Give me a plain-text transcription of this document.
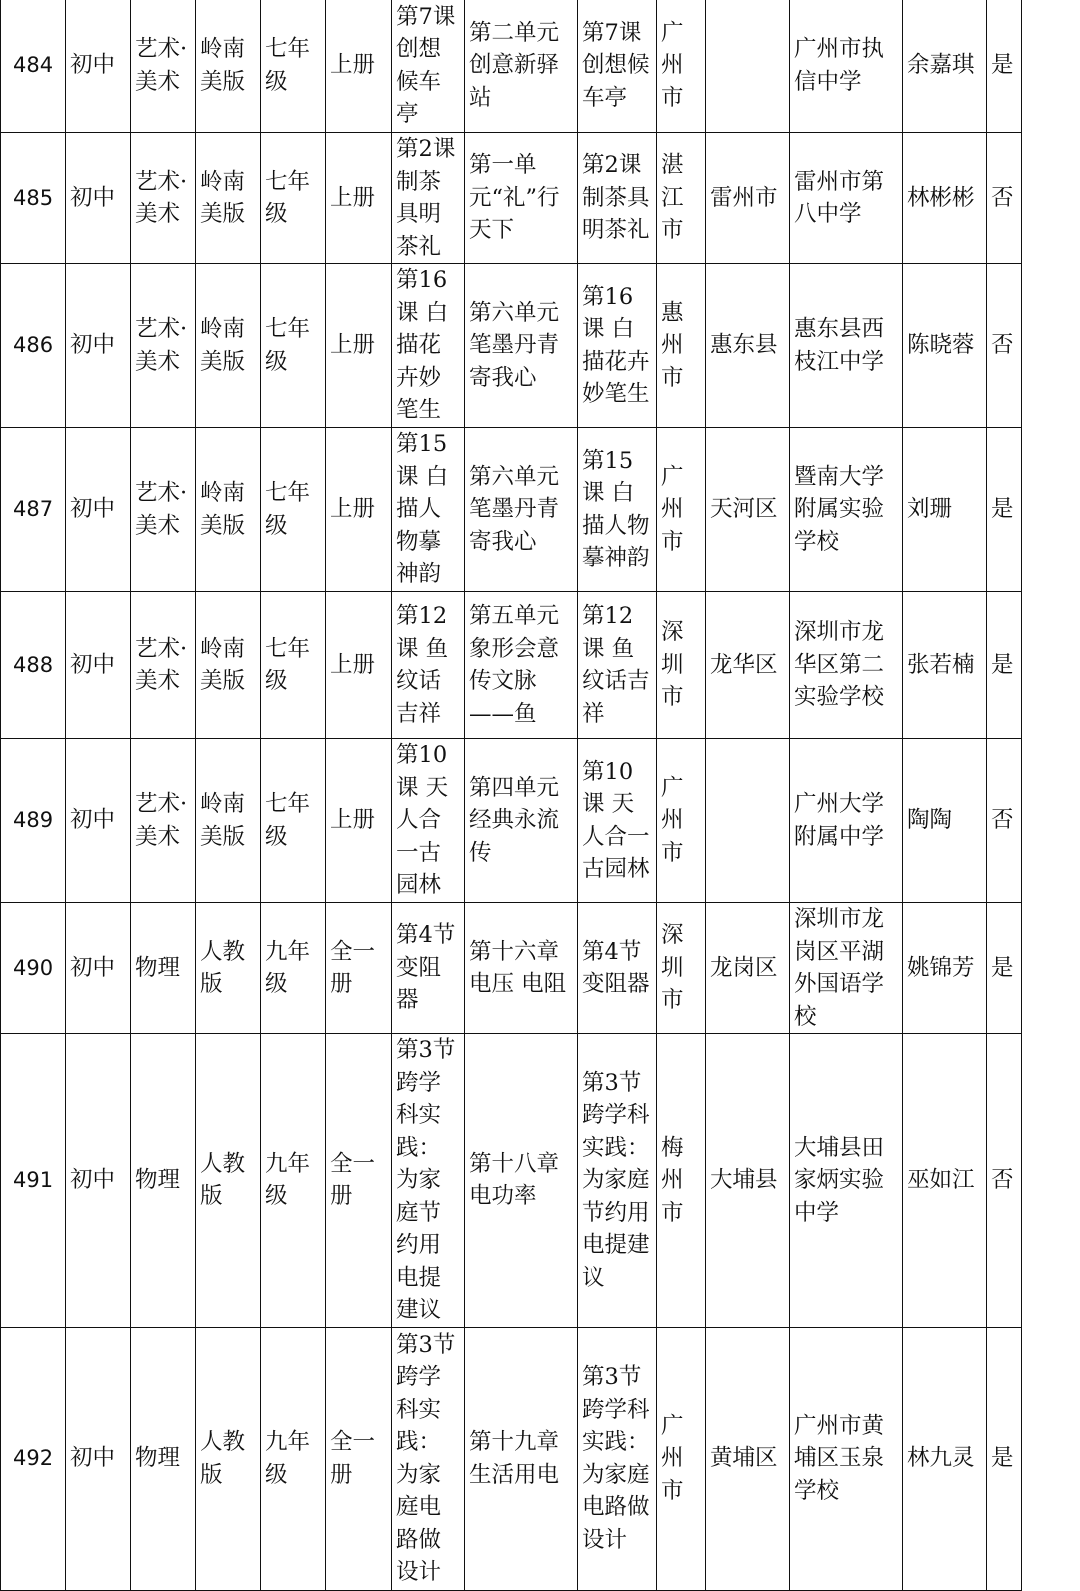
484	初中	艺术·美术	岭南美版	七年级	上册	第7课创想候车亭	第二单元创意新驿站	第7课创想候车亭	广州市		广州市执信中学	余嘉琪	是
485	初中	艺术·美术	岭南美版	七年级	上册	第2课制茶具明茶礼	第一单元“礼”行天下	第2课制茶具明茶礼	湛江市	雷州市	雷州市第八中学	林彬彬	否
486	初中	艺术·美术	岭南美版	七年级	上册	第16课 白描花卉妙笔生	第六单元笔墨丹青寄我心	第16课 白描花卉妙笔生	惠州市	惠东县	惠东县西枝江中学	陈晓蓉	否
487	初中	艺术·美术	岭南美版	七年级	上册	第15课 白描人物摹神韵	第六单元笔墨丹青寄我心	第15课 白描人物摹神韵	广州市	天河区	暨南大学附属实验学校	刘珊	是
488	初中	艺术·美术	岭南美版	七年级	上册	第12课 鱼纹话吉祥	第五单元象形会意传文脉——鱼	第12课 鱼纹话吉祥	深圳市	龙华区	深圳市龙华区第二实验学校	张若楠	是
489	初中	艺术·美术	岭南美版	七年级	上册	第10课 天人合一古园林	第四单元经典永流传	第10课 天人合一古园林	广州市		广州大学附属中学	陶陶	否
490	初中	物理	人教版	九年级	全一册	第4节变阻器	第十六章电压 电阻	第4节变阻器	深圳市	龙岗区	深圳市龙岗区平湖外国语学校	姚锦芳	是
491	初中	物理	人教版	九年级	全一册	第3节跨学科实践：为家庭节约用电提建议	第十八章电功率	第3节跨学科实践：为家庭节约用电提建议	梅州市	大埔县	大埔县田家炳实验中学	巫如江	否
492	初中	物理	人教版	九年级	全一册	第3节跨学科实践：为家庭电路做设计	第十九章生活用电	第3节跨学科实践：为家庭电路做设计	广州市	黄埔区	广州市黄埔区玉泉学校	林九灵	是
